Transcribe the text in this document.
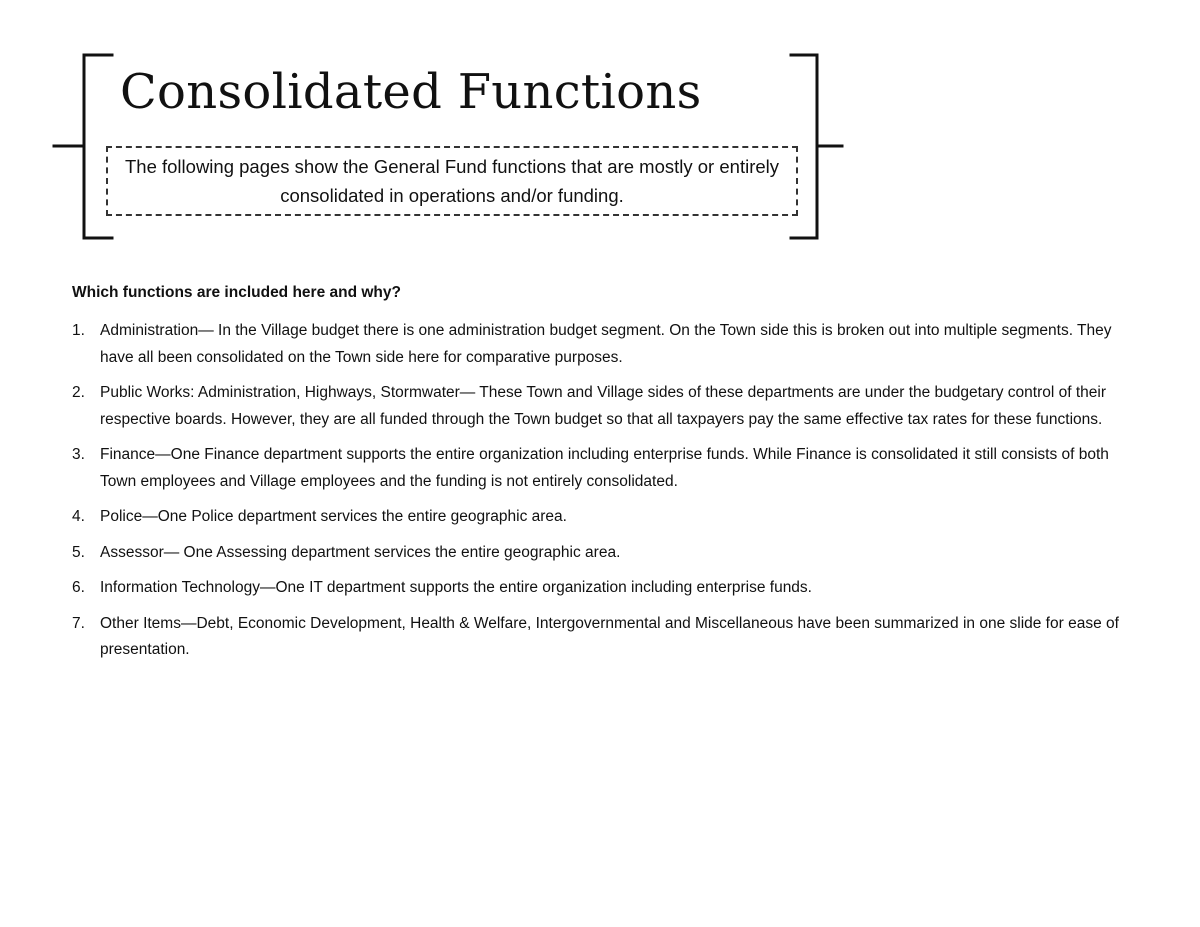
Consolidated Functions
The following pages show the General Fund functions that are mostly or entirely consolidated in operations and/or funding.
Which functions are included here and why?
1. Administration— In the Village budget there is one administration budget segment. On the Town side this is broken out into multiple segments. They have all been consolidated on the Town side here for comparative purposes.
2. Public Works: Administration, Highways, Stormwater— These Town and Village sides of these departments are under the budgetary control of their respective boards. However, they are all funded through the Town budget so that all taxpayers pay the same effective tax rates for these functions.
3. Finance—One Finance department supports the entire organization including enterprise funds. While Finance is consolidated it still consists of both Town employees and Village employees and the funding is not entirely consolidated.
4. Police—One Police department services the entire geographic area.
5. Assessor— One Assessing department services the entire geographic area.
6. Information Technology—One IT department supports the entire organization including enterprise funds.
7. Other Items—Debt, Economic Development, Health & Welfare, Intergovernmental and Miscellaneous have been summarized in one slide for ease of presentation.
